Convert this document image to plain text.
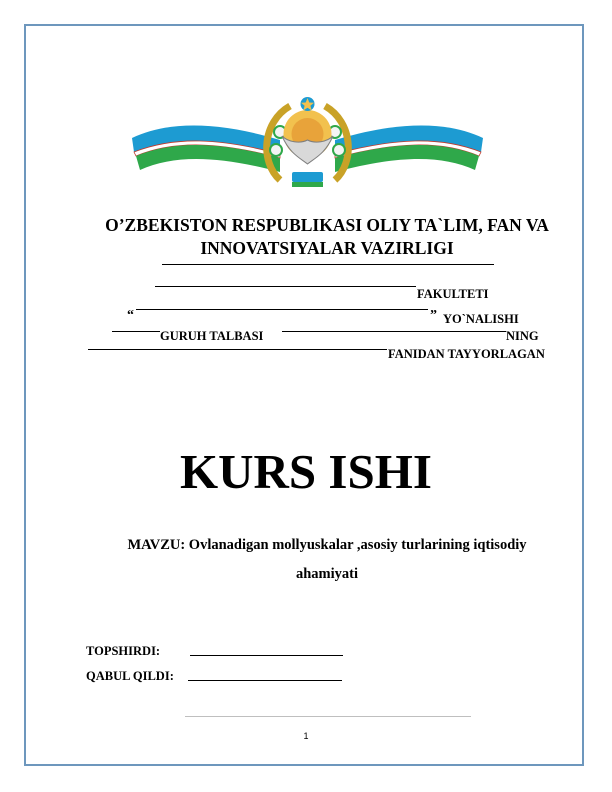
O’ZBEKISTON RESPUBLIKASI OLIY TA`LIM, FAN VA
INNOVATSIYALAR VAZIRLIGI
FAKULTETI
“	” YO`NALISHI
GURUH TALBASI	NING
FANIDAN TAYYORLAGAN
KURS ISHI
MAVZU: Ovlanadigan mollyuskalar ,asosiy turlarining iqtisodiy
ahamiyati
TOPSHIRDI:
QABUL QILDI:
1
